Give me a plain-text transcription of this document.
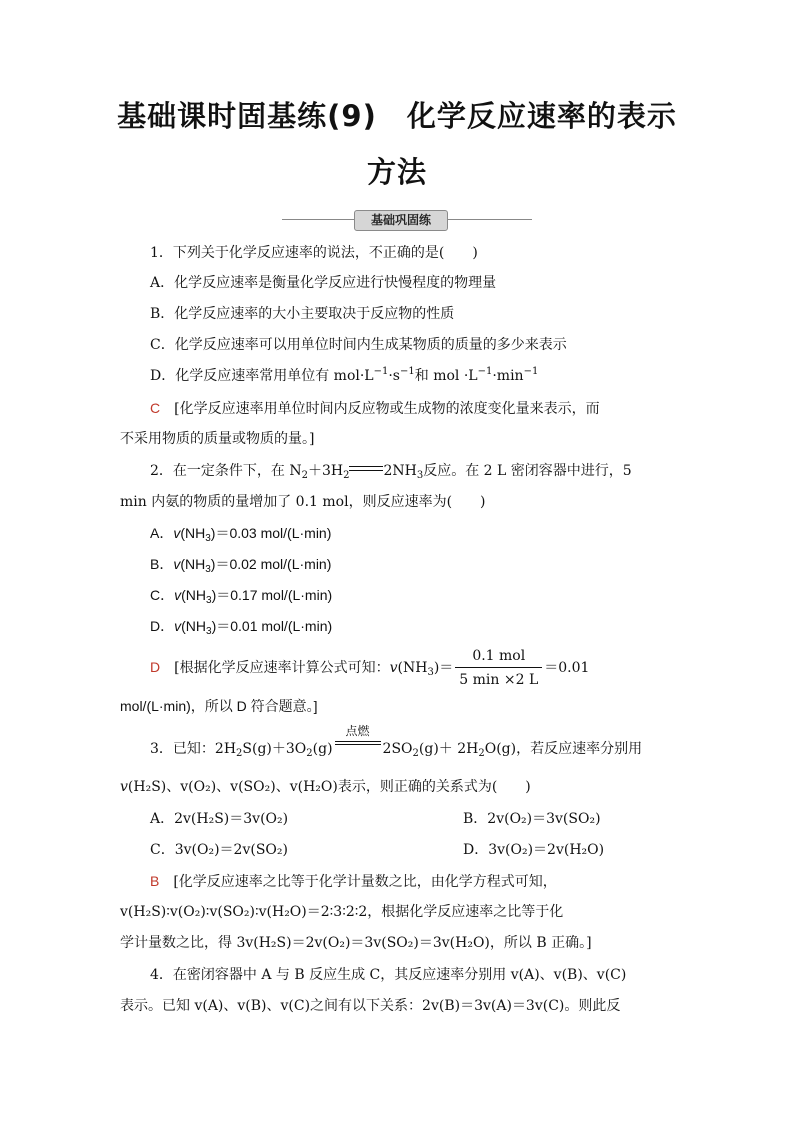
基础课时固基练(9)　化学反应速率的表示
方法
基础巩固练
1．下列关于化学反应速率的说法，不正确的是(　　)
A．化学反应速率是衡量化学反应进行快慢程度的物理量
B．化学反应速率的大小主要取决于反应物的性质
C．化学反应速率可以用单位时间内生成某物质的质量的多少来表示
D．化学反应速率常用单位有 $mol\cdot L^{-1}\cdot s^{-1}$和 mol $\cdot L^{-1}\cdot\min^{-1}$
C　 [化学反应速率用单位时间内反应物或生成物的浓度变化量来表示，而
不采用物质的质量或物质的量。]
2．在一定条件下，在 $N_2+3H_2$ $2NH_3$反应。在 2 L 密闭容器中进行，5
min 内氨的物质的量增加了 0.1 mol，则反应速率为(　　)
A．$v(NH_3)=0.03$ mol/(L·min)
B．$v(NH_3)=0.02$ mol/(L·min)
C．$v(NH_3)=0.17$ mol/(L·min)
D．$v(NH_3)=0.01$ mol/(L·min)
D　 [根据化学反应速率计算公式可知：$v(NH_3)= \frac{\text{0.1 mol}}{5 \min \times 2 L} =0.01$
mol/(L·min)，所以 D 符合题意。]
3．已知：$2H_2S(g)+3O_2(g)$
点燃
$2SO_2(g)+ 2H_2O(g)$，若反应速率分别用
v(H₂S)、v(O₂)、v(SO₂)、v(H₂O)表示，则正确的关系式为(　　)
A．2v(H₂S)＝3v(O₂)	B．2v(O₂)＝3v(SO₂)
C．3v(O₂)＝2v(SO₂)	D．3v(O₂)＝2v(H₂O)
B　 [化学反应速率之比等于化学计量数之比，由化学方程式可知，
v(H₂S)∶v(O₂)∶v(SO₂)∶v(H₂O)＝2∶3∶2∶2，根据化学反应速率之比等于化
学计量数之比，得 3v(H₂S)＝2v(O₂)＝3v(SO₂)＝3v(H₂O)，所以 B 正确。]
4．在密闭容器中 A 与 B 反应生成 C，其反应速率分别用 v(A)、v(B)、v(C)
表示。已知 v(A)、v(B)、v(C)之间有以下关系：2v(B)＝3v(A)＝3v(C)。则此反
